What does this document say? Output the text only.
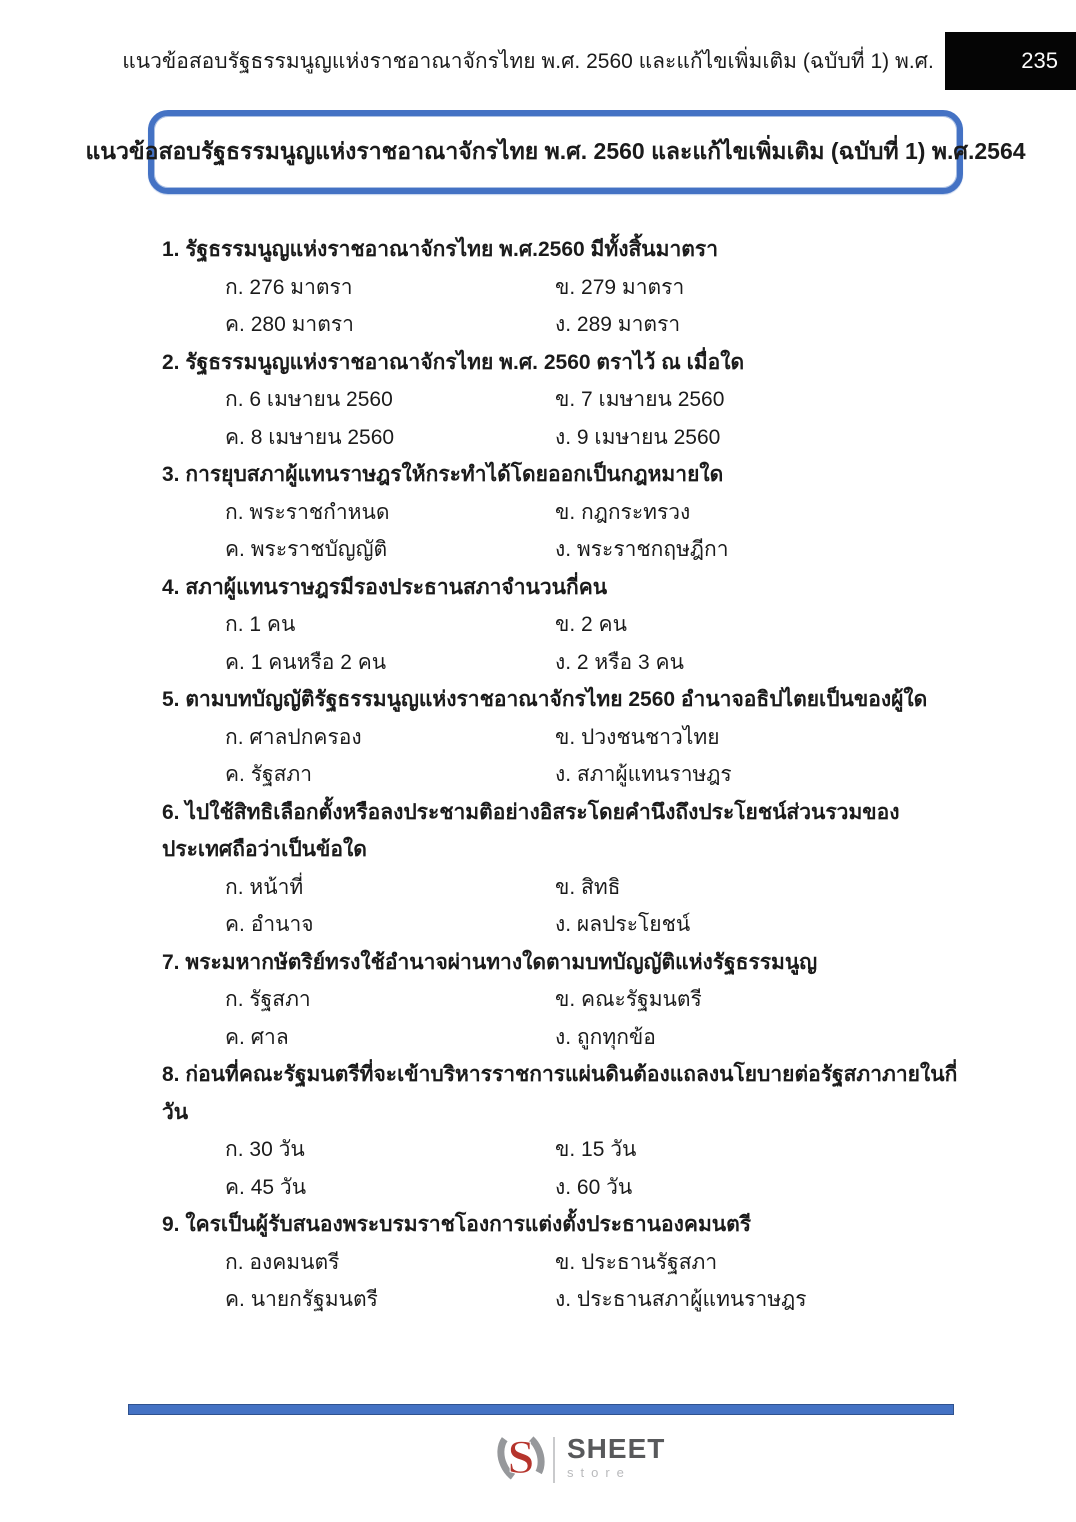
แนวข้อสอบรัฐธรรมนูญแห่งราชอาณาจักรไทย พ.ศ. 2560 และแก้ไขเพิ่มเติม (ฉบับที่ 1) พ.ศ.	235
แนวข้อสอบรัฐธรรมนูญแห่งราชอาณาจักรไทย พ.ศ. 2560 และแก้ไขเพิ่มเติม (ฉบับที่ 1) พ.ศ.2564
1. รัฐธรรมนูญแห่งราชอาณาจักรไทย พ.ศ.2560 มีทั้งสิ้นมาตรา
ก. 276 มาตรา	ข. 279 มาตรา
ค. 280 มาตรา	ง. 289 มาตรา
2. รัฐธรรมนูญแห่งราชอาณาจักรไทย พ.ศ. 2560 ตราไว้ ณ เมื่อใด
ก. 6 เมษายน 2560	ข. 7 เมษายน 2560
ค. 8 เมษายน 2560	ง. 9 เมษายน 2560
3. การยุบสภาผู้แทนราษฎรให้กระทำได้โดยออกเป็นกฎหมายใด
ก. พระราชกำหนด	ข. กฎกระทรวง
ค. พระราชบัญญัติ	ง. พระราชกฤษฎีกา
4. สภาผู้แทนราษฎรมีรองประธานสภาจำนวนกี่คน
ก. 1 คน	ข. 2 คน
ค. 1 คนหรือ 2 คน	ง. 2 หรือ 3 คน
5. ตามบทบัญญัติรัฐธรรมนูญแห่งราชอาณาจักรไทย 2560 อำนาจอธิปไตยเป็นของผู้ใด
ก. ศาลปกครอง	ข. ปวงชนชาวไทย
ค. รัฐสภา	ง. สภาผู้แทนราษฎร
6. ไปใช้สิทธิเลือกตั้งหรือลงประชามติอย่างอิสระโดยคำนึงถึงประโยชน์ส่วนรวมของประเทศถือว่าเป็นข้อใด
ก. หน้าที่	ข. สิทธิ
ค. อำนาจ	ง. ผลประโยชน์
7. พระมหากษัตริย์ทรงใช้อำนาจผ่านทางใดตามบทบัญญัติแห่งรัฐธรรมนูญ
ก. รัฐสภา	ข. คณะรัฐมนตรี
ค. ศาล	ง. ถูกทุกข้อ
8. ก่อนที่คณะรัฐมนตรีที่จะเข้าบริหารราชการแผ่นดินต้องแถลงนโยบายต่อรัฐสภาภายในกี่วัน
ก. 30 วัน	ข. 15 วัน
ค. 45 วัน	ง. 60 วัน
9. ใครเป็นผู้รับสนองพระบรมราชโองการแต่งตั้งประธานองคมนตรี
ก. องคมนตรี	ข. ประธานรัฐสภา
ค. นายกรัฐมนตรี	ง. ประธานสภาผู้แทนราษฎร
S SHEET
store
